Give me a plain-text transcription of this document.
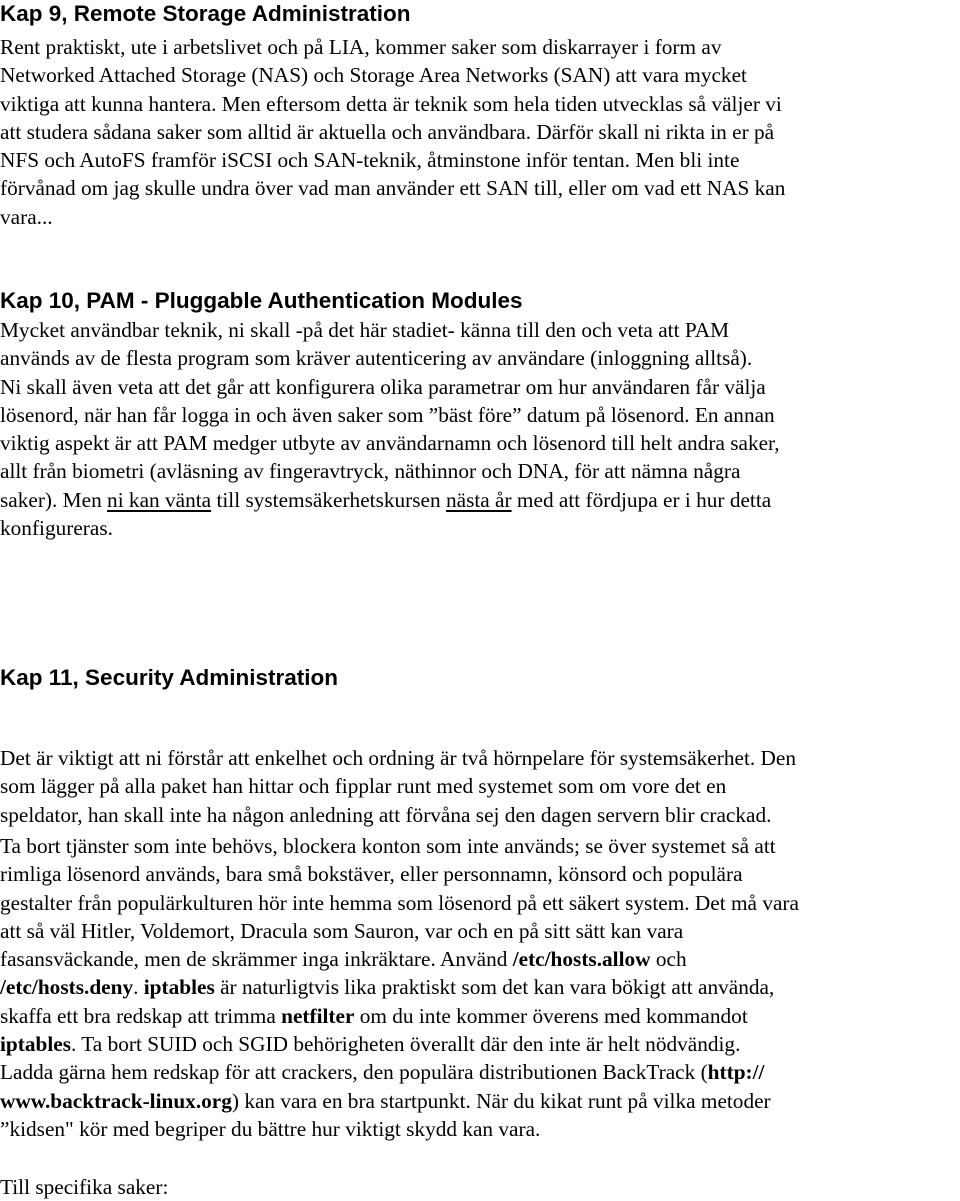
Kap 9, Remote Storage Administration
Rent praktiskt, ute i arbetslivet och på LIA, kommer saker som diskarrayer i form av
Networked Attached Storage (NAS) och Storage Area Networks (SAN) att vara mycket
viktiga att kunna hantera. Men eftersom detta är teknik som hela tiden utvecklas så väljer vi
att studera sådana saker som alltid är aktuella och användbara. Därför skall ni rikta in er på
NFS och AutoFS framför iSCSI och SAN-teknik, åtminstone inför tentan. Men bli inte
förvånad om jag skulle undra över vad man använder ett SAN till, eller om vad ett NAS kan
vara...
Kap 10, PAM - Pluggable Authentication Modules
Mycket användbar teknik, ni skall -på det här stadiet- känna till den och veta att PAM
används av de flesta program som kräver autenticering av användare (inloggning alltså).
Ni skall även veta att det går att konfigurera olika parametrar om hur användaren får välja
lösenord, när han får logga in och även saker som ”bäst före” datum på lösenord. En annan
viktig aspekt är att PAM medger utbyte av användarnamn och lösenord till helt andra saker,
allt från biometri (avläsning av fingeravtryck, näthinnor och DNA, för att nämna några
saker). Men ni kan vänta till systemsäkerhetskursen nästa år med att fördjupa er i hur detta
konfigureras.
Kap 11, Security Administration
Det är viktigt att ni förstår att enkelhet och ordning är två hörnpelare för systemsäkerhet. Den
som lägger på alla paket han hittar och fipplar runt med systemet som om vore det en
speldator, han skall inte ha någon anledning att förvåna sej den dagen servern blir crackad.
Ta bort tjänster som inte behövs, blockera konton som inte används; se över systemet så att
rimliga lösenord används, bara små bokstäver, eller personnamn, könsord och populära
gestalter från populärkulturen hör inte hemma som lösenord på ett säkert system. Det må vara
att så väl Hitler, Voldemort, Dracula som Sauron, var och en på sitt sätt kan vara
fasansväckande, men de skrämmer inga inkräktare. Använd /etc/hosts.allow och
/etc/hosts.deny. iptables är naturligtvis lika praktiskt som det kan vara bökigt att använda,
skaffa ett bra redskap att trimma netfilter om du inte kommer överens med kommandot
iptables. Ta bort SUID och SGID behörigheten överallt där den inte är helt nödvändig.
Ladda gärna hem redskap för att crackers, den populära distributionen BackTrack (http://
www.backtrack-linux.org) kan vara en bra startpunkt. När du kikat runt på vilka metoder
”kidsen" kör med begriper du bättre hur viktigt skydd kan vara.
Till specifika saker:
